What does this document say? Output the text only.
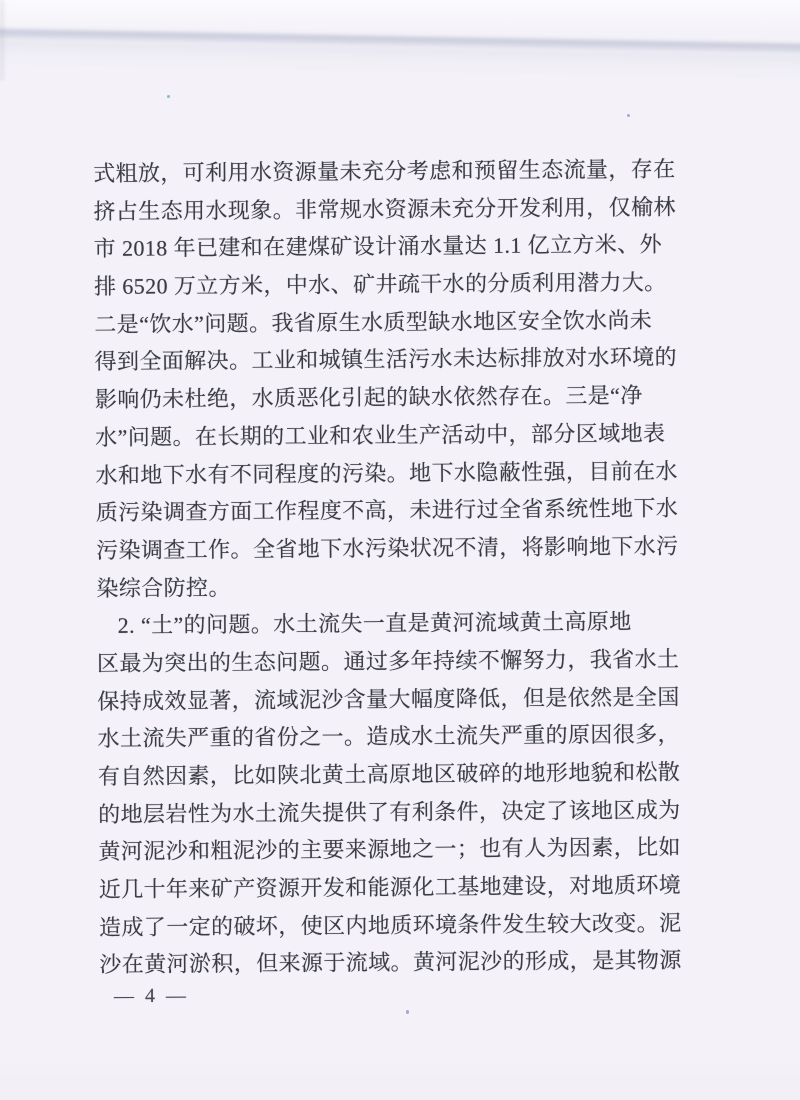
式粗放，可利用水资源量未充分考虑和预留生态流量，存在
挤占生态用水现象。非常规水资源未充分开发利用，仅榆林
市 2018 年已建和在建煤矿设计涌水量达 1.1 亿立方米、外
排 6520 万立方米，中水、矿井疏干水的分质利用潜力大。
二是“饮水”问题。我省原生水质型缺水地区安全饮水尚未
得到全面解决。工业和城镇生活污水未达标排放对水环境的
影响仍未杜绝，水质恶化引起的缺水依然存在。三是“净
水”问题。在长期的工业和农业生产活动中，部分区域地表
水和地下水有不同程度的污染。地下水隐蔽性强，目前在水
质污染调查方面工作程度不高，未进行过全省系统性地下水
污染调查工作。全省地下水污染状况不清，将影响地下水污
染综合防控。
2. “土”的问题。水土流失一直是黄河流域黄土高原地
区最为突出的生态问题。通过多年持续不懈努力，我省水土
保持成效显著，流域泥沙含量大幅度降低，但是依然是全国
水土流失严重的省份之一。造成水土流失严重的原因很多，
有自然因素，比如陕北黄土高原地区破碎的地形地貌和松散
的地层岩性为水土流失提供了有利条件，决定了该地区成为
黄河泥沙和粗泥沙的主要来源地之一；也有人为因素，比如
近几十年来矿产资源开发和能源化工基地建设，对地质环境
造成了一定的破坏，使区内地质环境条件发生较大改变。泥
沙在黄河淤积，但来源于流域。黄河泥沙的形成，是其物源
— 4 —
